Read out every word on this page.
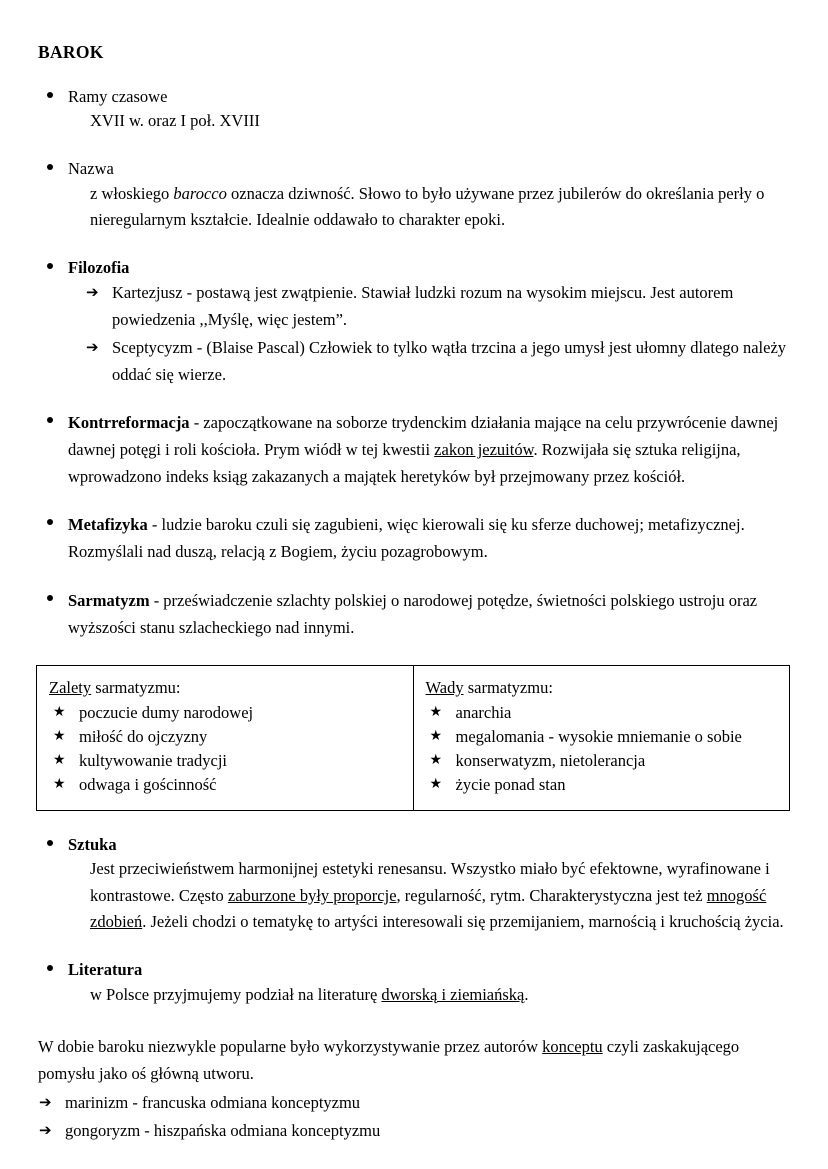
BAROK

Ramy czasowe

XVII w. oraz I poł. XVIII

Nazwa

z włoskiego barocco oznacza dziwność. Słowo to było używane przez jubilerów do określania perły o nieregularnym kształcie. Idealnie oddawało to charakter epoki.

Filozofia

➔ Kartezjusz - postawą jest zwątpienie. Stawiał ludzki rozum na wysokim miejscu. Jest autorem powiedzenia ,,Myślę, więc jestem”.
➔ Sceptycyzm - (Blaise Pascal) Człowiek to tylko wątła trzcina a jego umysł jest ułomny dlatego należy oddać się wierze.

Kontrreformacja - zapoczątkowane na soborze trydenckim działania mające na celu przywrócenie dawnej dawnej potęgi i roli kościoła. Prym wiódł w tej kwestii zakon jezuitów. Rozwijała się sztuka religijna, wprowadzono indeks ksiąg zakazanych a majątek heretyków był przejmowany przez kościół.

Metafizyka - ludzie baroku czuli się zagubieni, więc kierowali się ku sferze duchowej; metafizycznej. Rozmyślali nad duszą, relacją z Bogiem, życiu pozagrobowym.

Sarmatyzm - przeświadczenie szlachty polskiej o narodowej potędze, świetności polskiego ustroju oraz wyższości stanu szlacheckiego nad innymi.

Zalety sarmatyzmu:

★ poczucie dumy narodowej
★ miłość do ojczyzny
★ kultywowanie tradycji
★ odwaga i gościnność

Wady sarmatyzmu:

★ anarchia
★ megalomania - wysokie mniemanie o sobie
★ konserwatyzm, nietolerancja
★ życie ponad stan

Sztuka

Jest przeciwieństwem harmonijnej estetyki renesansu. Wszystko miało być efektowne, wyrafinowane i kontrastowe. Często zaburzone były proporcje, regularność, rytm. Charakterystyczna jest też mnogość zdobień. Jeżeli chodzi o tematykę to artyści interesowali się przemijaniem, marnością i kruchością życia.

Literatura

w Polsce przyjmujemy podział na literaturę dworską i ziemiańską.

W dobie baroku niezwykle popularne było wykorzystywanie przez autorów konceptu czyli zaskakującego pomysłu jako oś główną utworu.

➔ marinizm - francuska odmiana konceptyzmu
➔ gongoryzm - hiszpańska odmiana konceptyzmu
